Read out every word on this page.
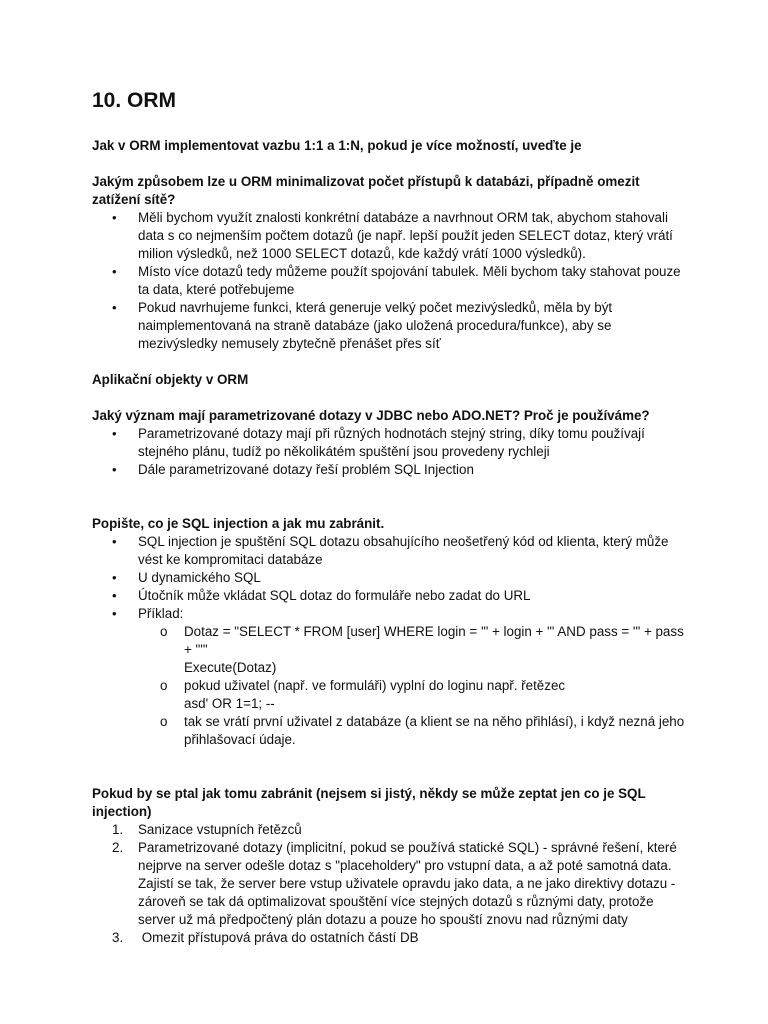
10. ORM

Jak v ORM implementovat vazbu 1:1 a 1:N, pokud je více možností, uveďte je

Jakým způsobem lze u ORM minimalizovat počet přístupů k databázi, případně omezit zatížení sítě?

• Měli bychom využít znalosti konkrétní databáze a navrhnout ORM tak, abychom stahovali data s co nejmenším počtem dotazů (je např. lepší použít jeden SELECT dotaz, který vrátí milion výsledků, než 1000 SELECT dotazů, kde každý vrátí 1000 výsledků).
• Místo více dotazů tedy můžeme použít spojování tabulek. Měli bychom taky stahovat pouze ta data, které potřebujeme
• Pokud navrhujeme funkci, která generuje velký počet mezivýsledků, měla by být naimplementovaná na straně databáze (jako uložená procedura/funkce), aby se mezivýsledky nemusely zbytečně přenášet přes síť

Aplikační objekty v ORM

Jaký význam mají parametrizované dotazy v JDBC nebo ADO.NET? Proč je používáme?

• Parametrizované dotazy mají při různých hodnotách stejný string, díky tomu používají stejného plánu, tudíž po několikátém spuštění jsou provedeny rychleji
• Dále parametrizované dotazy řeší problém SQL Injection

Popište, co je SQL injection a jak mu zabránit.

• SQL injection je spuštění SQL dotazu obsahujícího neošetřený kód od klienta, který může vést ke kompromitaci databáze
• U dynamického SQL
• Útočník může vkládat SQL dotaz do formuláře nebo zadat do URL
• Příklad:
o Dotaz = "SELECT * FROM [user] WHERE login = '" + login + "' AND pass = '" + pass + "'"
Execute(Dotaz)
o pokud uživatel (např. ve formuláři) vyplní do loginu např. řetězec
asd' OR 1=1; --
o tak se vrátí první uživatel z databáze (a klient se na něho přihlásí), i když nezná jeho přihlašovací údaje.

Pokud by se ptal jak tomu zabránit (nejsem si jistý, někdy se může zeptat jen co je SQL injection)

1. Sanizace vstupních řetězců
2. Parametrizované dotazy (implicitní, pokud se používá statické SQL) - správné řešení, které nejprve na server odešle dotaz s "placeholdery" pro vstupní data, a až poté samotná data. Zajistí se tak, že server bere vstup uživatele opravdu jako data, a ne jako direktivy dotazu - zároveň se tak dá optimalizovat spouštění více stejných dotazů s různými daty, protože server už má předpočtený plán dotazu a pouze ho spouští znovu nad různými daty
3. Omezit přístupová práva do ostatních částí DB
